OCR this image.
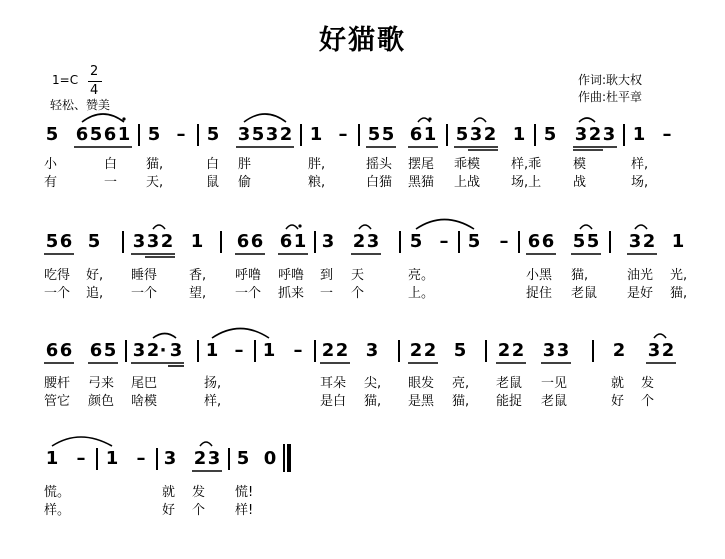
好猫歌
1=C
2
4
轻松、赞美
作词:耿大权
作曲:杜平章
5 6 5 6 1 5 – 5 3 5 3 2 1 – 5 5 6 1 5 3 2 1 5 3 2 3 1 –
小	白 猫,	白 胖	胖,	摇头 摆尾 乖模 样,乖 模	样,
有	一 天,	鼠 偷	粮,	白猫 黑猫 上战 场,上 战	场,
5 6 5 3 3 2 1 6 6 6 1 3 2 3 5 – 5 – 6 6 5 5 3 2 1
吃得 好, 睡得 香, 呼噜 呼噜 到 天	亮。	小黑 猫,	油光 光,
一个 追, 一个 望, 一个 抓来 一 个	上。	捉住 老鼠 是好 猫,
6 6 6 5 3 2 · 3 1 – 1 – 2 2 3 2 2 5 2 2 3 3 2 3 2
腰杆 弓来 尾巴	扬,	耳朵 尖, 眼发 亮, 老鼠 一见	就 发
管它 颜色 啥模	样,	是白 猫, 是黑 猫, 能捉 老鼠	好 个
1 – 1 – 3 2 3 5 0
慌。	就 发 慌!
样。	好 个 样!
